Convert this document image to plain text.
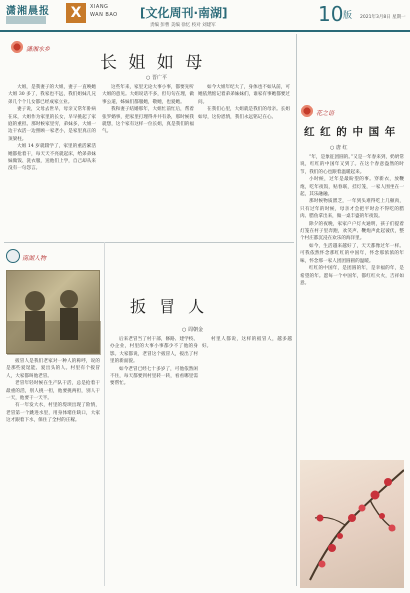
潇湘晨报	X	XIANG
WAN BAO [文化周刊·南湖]
责编 彭曹 美编 徐忆 校对 刘建军	10 版 2021年3月8日 星期一
潇湘水乡
长 姐 如 母
○ 晋广平

大姐，是我妻子的大姐，妻子一直唤她大姐 30 多了，我家也不远，我们姐妹几兄弟几个个儿女都已经成家立业。

妻子说，父母去世早，母亲又常年卧病在床，大姐作为家里的长女，早早挑起了家庭的重担。那时候家里穷，弟妹多，大姐一边干农活一边照顾一家老小，是家里真正的顶梁柱。

大姐 14 岁就辍学了，家里的重活累活她都抢着干，每天天不亮就起床，给弟弟妹妹做饭、洗衣服，送他们上学，自己却从来没有一句怨言。

这些年来，家里无论大事小事，都要先听大姐的意见。大姐说话不多，但句句在理，做事公道，姊妹们都服她，敬她，也爱她。

我和妻子结婚那年，大姐忙前忙后，帮着张罗婚事，把家里打理得井井有条，那时候我就想，这个家有这样一位长姐，真是我们的福气。

如今大姐年纪大了，身体也不如从前，可她依然惦记着弟弟妹妹们，谁家有事她都要过问。

在我们心里，大姐就是我们的母亲。长姐如母，这份恩情，我们永远铭记在心。

南湖人物

扳冒人是我们老家对一种人的称呼，说的是那些爱逞能、爱出头的人。村里有个扳冒人，大家都叫他老冒。

老冒年轻时候在生产队干活，总是抢着干最重的活，别人挑一担，他要挑两担，别人干一天，他要干一天半。

有一年发大水，村里的堤坝出现了险情，老冒第一个跳进水里，用身体堵住缺口，大家这才跟着下水，保住了全村的庄稼。

扳 冒 人
○ 周朝金

后来老冒当了村干部，修路、建学校、办企业，村里的大事小事都少不了他的身影。大家都说，老冒这个扳冒人，扳出了村里的新面貌。

如今老冒已经七十多岁了，可他依然闲不住，每天都要到村里转一转，看看哪里需要帮忙。

村里人都说，这样的扳冒人，越多越好。

花之语
红 红 的 中 国 年
○ 唐 红

“年，是象征团圆的。”又是一年春来到，奶奶常说，红红的中国年又到了。在这个春意盎然的时节，我们的心也跟着温暖起来。

小时候，过年是最盼望的事。穿新衣，放鞭炮，吃年夜饭，贴春联，挂灯笼，一家人围坐在一起，其乐融融。

那时候物质匮乏，一年到头难得吃上几顿肉，只有过年的时候，母亲才会把平时舍不得吃的腊肉、腊鱼拿出来，做一桌丰盛的年夜饭。

除夕的夜晚，家家户户灯火通明，孩子们提着灯笼在村子里奔跑，欢笑声、鞭炮声此起彼伏，整个村庄都沉浸在欢乐的海洋里。

如今，生活越来越好了，天天都像过年一样。可我依然怀念那红红的中国年，怀念那浓浓的年味，怀念那一家人团团圆圆的温暖。

红红的中国年，是团圆的年，是幸福的年，是希望的年。愿每一个中国年，都红红火火，吉祥如意。
